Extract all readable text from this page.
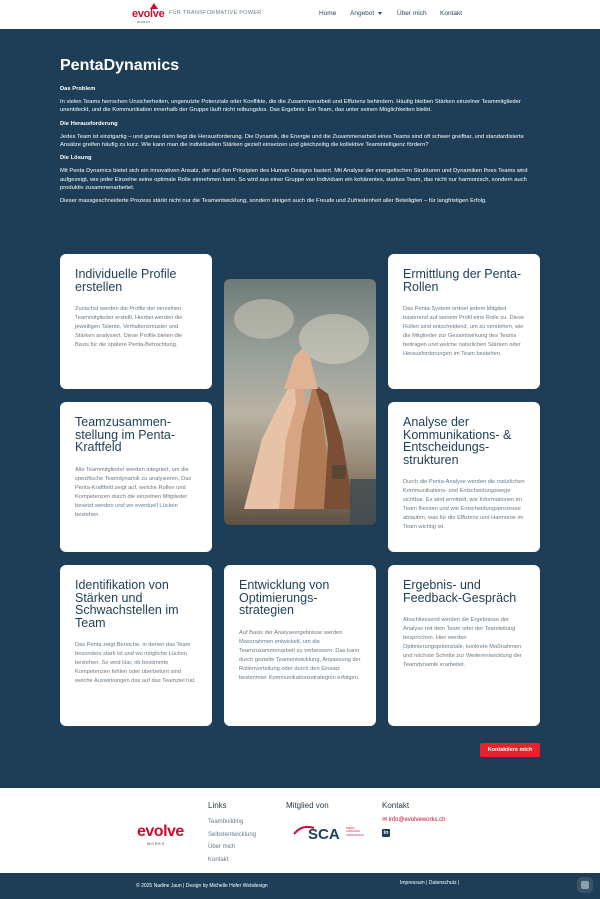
evolve
WORKS
FÜR TRANSFORMATIVE POWER	Home Angebot	Über mich Kontakt
PentaDynamics
Das Problem

In vielen Teams herrschen Unsicherheiten, ungenutzte Potenziale oder Konflikte, die die Zusammenarbeit und Effizienz behindern. Häufig bleiben Stärken einzelner Teammitglieder unentdeckt, und die Kommunikation innerhalb der Gruppe läuft nicht reibungslos. Das Ergebnis: Ein Team, das unter seinen Möglichkeiten bleibt.

Die Herausforderung

Jedes Team ist einzigartig – und genau darin liegt die Herausforderung. Die Dynamik, die Energie und die Zusammenarbeit eines Teams sind oft schwer greifbar, und standardisierte Ansätze greifen häufig zu kurz. Wie kann man die individuellen Stärken gezielt einsetzen und gleichzeitig die kollektive Teamintelligenz fördern?

Die Lösung

Mit Penta Dynamics bietet sich ein innovativen Ansatz, der auf den Prinzipien des Human Designs basiert. Mit Analyse der energetischen Strukturen und Dynamiken Ihres Teams wird aufgezeigt, wie jeder Einzelne seine optimale Rolle einnehmen kann. So wird aus einer Gruppe von Individuen ein kohärentes, starkes Team, das nicht nur harmonisch, sondern auch produktiv zusammenarbeitet.

Dieser massgeschneiderte Prozess stärkt nicht nur die Teamentwicklung, sondern steigert auch die Freude und Zufriedenheit aller Beteiligten – für langfristigen Erfolg.

Individuelle Profile erstellen

Zunächst werden die Profile der einzelnen Teammitglieder erstellt. Hierbei werden die jeweiligen Talente, Verhaltensmuster und Stärken analysiert. Diese Profile bieten die Basis für die spätere Penta-Betrachtung.

Ermittlung der Penta- Rollen

Das Penta-System ordnet jedem Mitglied basierend auf seinem Profil eine Rolle zu. Diese Rollen sind entscheidend, um zu verstehen, wie die Mitglieder zur Gesamtwirkung des Teams beitragen und welche natürlichen Stärken oder Herausforderungen im Team bestehen.

Teamzusammen-stellung im Penta-Kraftfeld

Alle Teammitglieder werden integriert, um die spezifische Teamdynamik zu analysieren. Das Penta-Kraftfeld zeigt auf, welche Rollen und Kompetenzen durch die einzelnen Mitglieder besetzt werden und wo eventuell Lücken bestehen.

Analyse der Kommunikations- & Entscheidungs-strukturen

Durch die Penta-Analyse werden die natürlichen Kommunikations- und Entscheidungswege sichtbar. Es wird ermittelt, wie Informationen im Team fliessen und wie Entscheidungsprozesse ablaufen, was für die Effizienz und Harmonie im Team wichtig ist.

Identifikation von Stärken und Schwachstellen im Team

Das Penta zeigt Bereiche, in denen das Team besonders stark ist und wo mögliche Lücken bestehen. So wird klar, ob bestimmte Kompetenzen fehlen oder überbetont sind welche Auswirkungen das auf das Teamziel hat.

Entwicklung von Optimierungs-strategien

Auf Basis der Analyseergebnisse werden Massnahmen entwickelt, um die Teamzusammenarbeit zu verbessern. Das kann durch gezielte Teamentwicklung, Anpassung der Rollenverteilung oder durch den Einsatz bestimmter Kommunikationsstrategien erfolgen.

Ergebnis- und Feedback-Gespräch

Abschliessend werden die Ergebnisse der Analyse mit dem Team oder der Teamleitung besprochen. Hier werden Optimierungspotenziale, konkrete Maßnahmen und nächste Schritte zur Weiterentwicklung der Teamdynamik erarbeitet.

Kontaktiere mich
evolve
WORKS
Links
Teambuilding
Selbstentwicklung
Über mich
Kontakt
Mitglied von
SCA SWISS COACHING ASSOCIATION
Kontakt
✉ info@evolveworks.ch
in
© 2025 Nadine Jaun | Design by Michelle Hofer Webdesign	Impressum | Datenschutz |
